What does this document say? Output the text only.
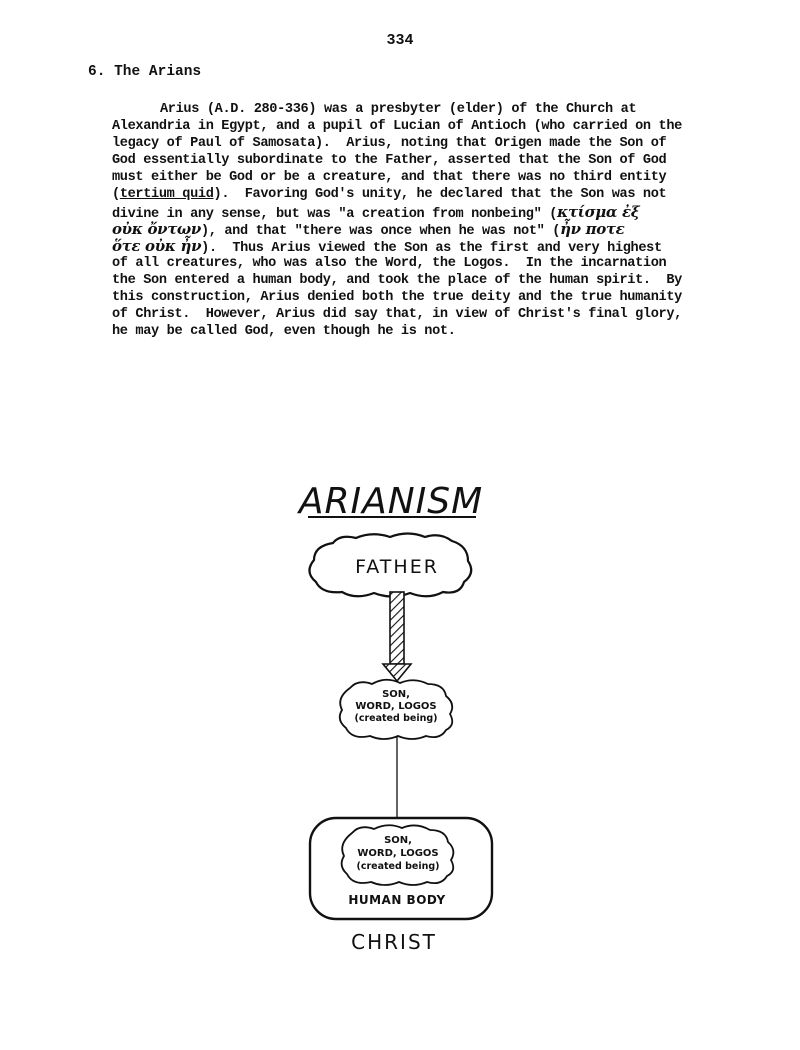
334
6. The Arians
Arius (A.D. 280-336) was a presbyter (elder) of the Church at
Alexandria in Egypt, and a pupil of Lucian of Antioch (who carried on the
legacy of Paul of Samosata).  Arius, noting that Origen made the Son of
God essentially subordinate to the Father, asserted that the Son of God
must either be God or be a creature, and that there was no third entity
(tertium quid).  Favoring God's unity, he declared that the Son was not
divine in any sense, but was "a creation from nonbeing" (κτίσμα ἐξ
οὐκ ὄντων), and that "there was once when he was not" (ἦν ποτε
ὅτε οὐκ ἦν).  Thus Arius viewed the Son as the first and very highest
of all creatures, who was also the Word, the Logos.  In the incarnation
the Son entered a human body, and took the place of the human spirit.  By
this construction, Arius denied both the true deity and the true humanity
of Christ.  However, Arius did say that, in view of Christ's final glory,
he may be called God, even though he is not.
ARIANISM
FATHER
SON,
WORD, LOGOS
(created being)
SON,
WORD, LOGOS
(created being)
HUMAN BODY
CHRIST
